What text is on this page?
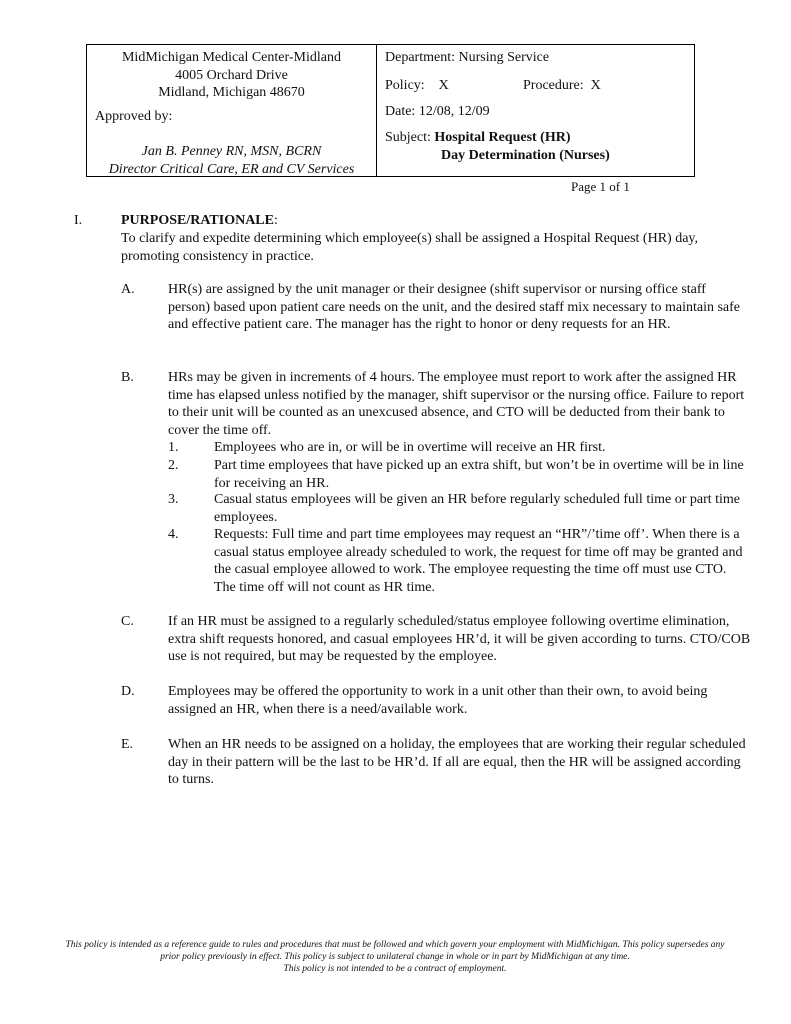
MidMichigan Medical Center-Midland
4005 Orchard Drive
Midland, Michigan 48670
Approved by:
Jan B. Penney RN, MSN, BCRN
Director Critical Care, ER and CV Services
Department: Nursing Service
Policy:    X	Procedure:  X
Date: 12/08, 12/09
Subject: Hospital Request (HR)
Day Determination (Nurses)
Page 1 of 1
I.	PURPOSE/RATIONALE:
To clarify and expedite determining which employee(s) shall be assigned a Hospital Request (HR) day, promoting consistency in practice.
A. HR(s) are assigned by the unit manager or their designee (shift supervisor or nursing office staff person) based upon patient care needs on the unit, and the desired staff mix necessary to maintain safe and effective patient care. The manager has the right to honor or deny requests for an HR.
B. HRs may be given in increments of 4 hours. The employee must report to work after the assigned HR time has elapsed unless notified by the manager, shift supervisor or the nursing office. Failure to report to their unit will be counted as an unexcused absence, and CTO will be deducted from their bank to cover the time off.
1.	Employees who are in, or will be in overtime will receive an HR first.
2.	Part time employees that have picked up an extra shift, but won’t be in overtime will be in line for receiving an HR.
3.	Casual status employees will be given an HR before regularly scheduled full time or part time employees.
4.	Requests: Full time and part time employees may request an “HR”/’time off’. When there is a casual status employee already scheduled to work, the request for time off may be granted and the casual employee allowed to work. The employee requesting the time off must use CTO. The time off will not count as HR time.
C. If an HR must be assigned to a regularly scheduled/status employee following overtime elimination, extra shift requests honored, and casual employees HR’d, it will be given according to turns. CTO/COB use is not required, but may be requested by the employee.
D. Employees may be offered the opportunity to work in a unit other than their own, to avoid being assigned an HR, when there is a need/available work.
E. When an HR needs to be assigned on a holiday, the employees that are working their regular scheduled day in their pattern will be the last to be HR’d. If all are equal, then the HR will be assigned according to turns.
This policy is intended as a reference guide to rules and procedures that must be followed and which govern your employment with MidMichigan. This policy supersedes any
prior policy previously in effect. This policy is subject to unilateral change in whole or in part by MidMichigan at any time.
This policy is not intended to be a contract of employment.
